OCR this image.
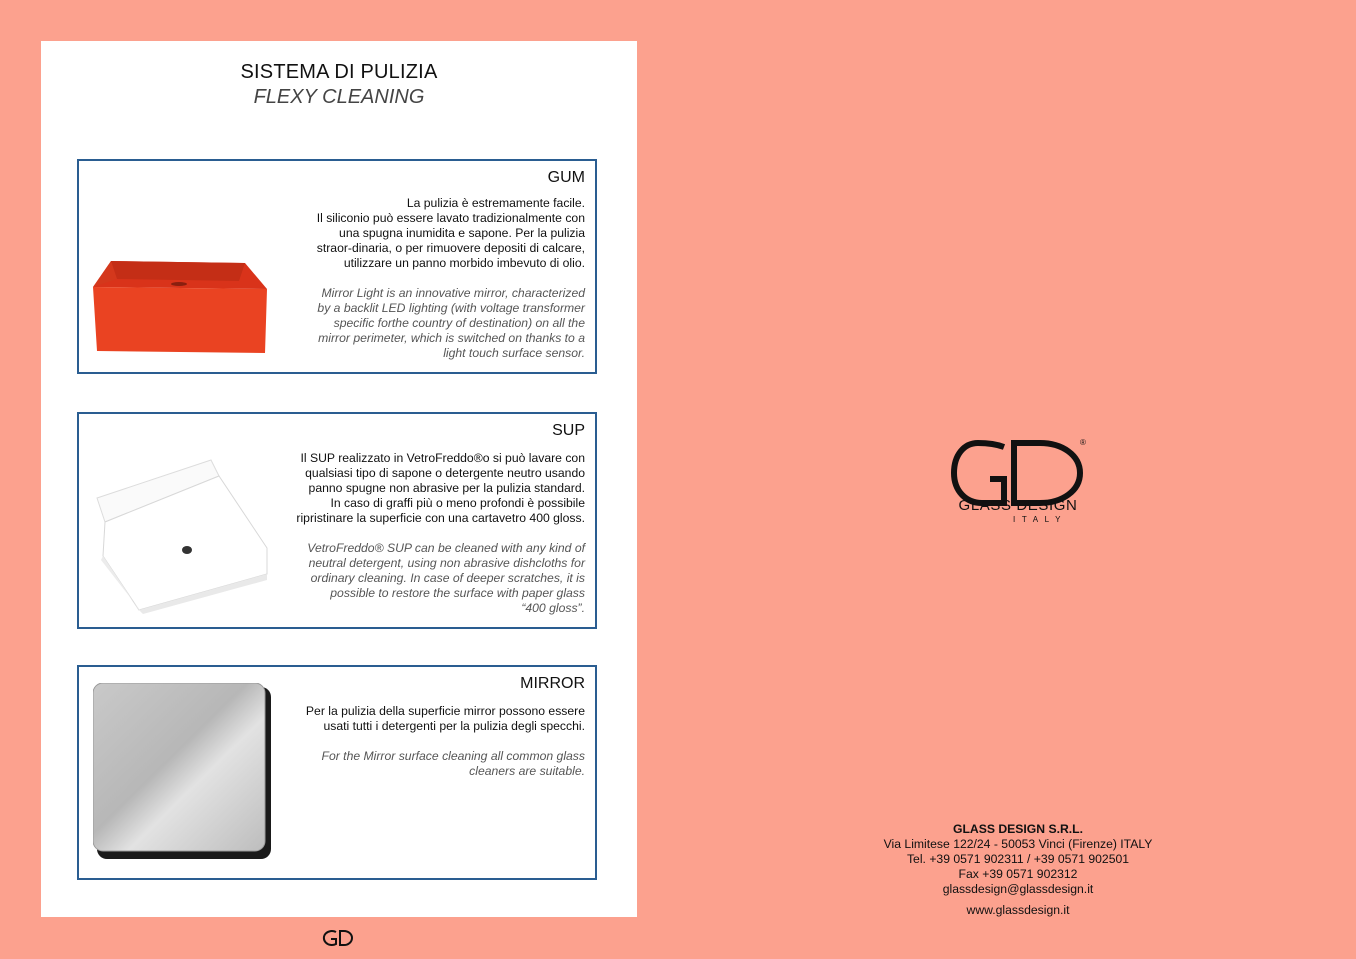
SISTEMA DI PULIZIA
FLEXY CLEANING
GUM
La pulizia è estremamente facile.
Il siliconio può essere lavato tradizionalmente con
una spugna inumidita e sapone. Per la pulizia
straor-dinaria, o per rimuovere depositi di calcare,
utilizzare un panno morbido imbevuto di olio.
Mirror Light is an innovative mirror, characterized
by a backlit LED lighting (with voltage transformer
specific forthe country of destination) on all the
mirror perimeter, which is switched on thanks to a
light touch surface sensor.
SUP
Il SUP realizzato in VetroFreddo®o si può lavare con
qualsiasi tipo di sapone o detergente neutro usando
panno spugne non abrasive per la pulizia standard.
In caso di graffi più o meno profondi è possibile
ripristinare la superficie con una cartavetro 400 gloss.
VetroFreddo® SUP can be cleaned with any kind of
neutral detergent, using non abrasive dishcloths for
ordinary cleaning. In case of deeper scratches, it is
possible to restore the surface with paper glass
“400 gloss”.
MIRROR
Per la pulizia della superficie mirror possono essere
usati tutti i detergenti per la pulizia degli specchi.
For the Mirror surface cleaning all common glass
cleaners are suitable.
®
GLASS DESIGN
ITALY
GLASS DESIGN S.R.L.
Via Limitese 122/24 - 50053 Vinci (Firenze) ITALY
Tel. +39 0571 902311 / +39 0571 902501
Fax +39 0571 902312
glassdesign@glassdesign.it
www.glassdesign.it
